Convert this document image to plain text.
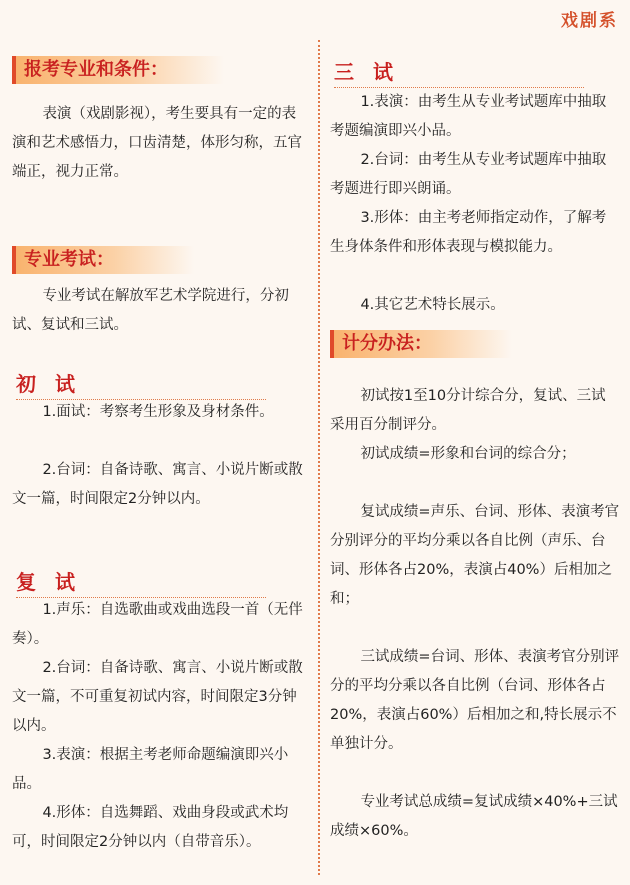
戏剧系
报考专业和条件：

表演（戏剧影视），考生要具有一定的表演和艺术感悟力，口齿清楚，体形匀称，五官端正，视力正常。

专业考试：

专业考试在解放军艺术学院进行，分初试、复试和三试。

初 试

1.面试：考察考生形象及身材条件。

2.台词：自备诗歌、寓言、小说片断或散文一篇，时间限定2分钟以内。

复 试

1.声乐：自选歌曲或戏曲选段一首（无伴奏）。

2.台词：自备诗歌、寓言、小说片断或散文一篇，不可重复初试内容，时间限定3分钟以内。

3.表演：根据主考老师命题编演即兴小品。

4.形体：自选舞蹈、戏曲身段或武术均可，时间限定2分钟以内（自带音乐）。

三 试

1.表演：由考生从专业考试题库中抽取考题编演即兴小品。

2.台词：由考生从专业考试题库中抽取考题进行即兴朗诵。

3.形体：由主考老师指定动作，了解考生身体条件和形体表现与模拟能力。

4.其它艺术特长展示。

计分办法：

初试按1至10分计综合分，复试、三试采用百分制评分。

初试成绩=形象和台词的综合分；

复试成绩=声乐、台词、形体、表演考官分别评分的平均分乘以各自比例（声乐、台词、形体各占20%，表演占40%）后相加之和；

三试成绩=台词、形体、表演考官分别评分的平均分乘以各自比例（台词、形体各占20%，表演占60%）后相加之和,特长展示不单独计分。

专业考试总成绩=复试成绩×40%+三试成绩×60%。
